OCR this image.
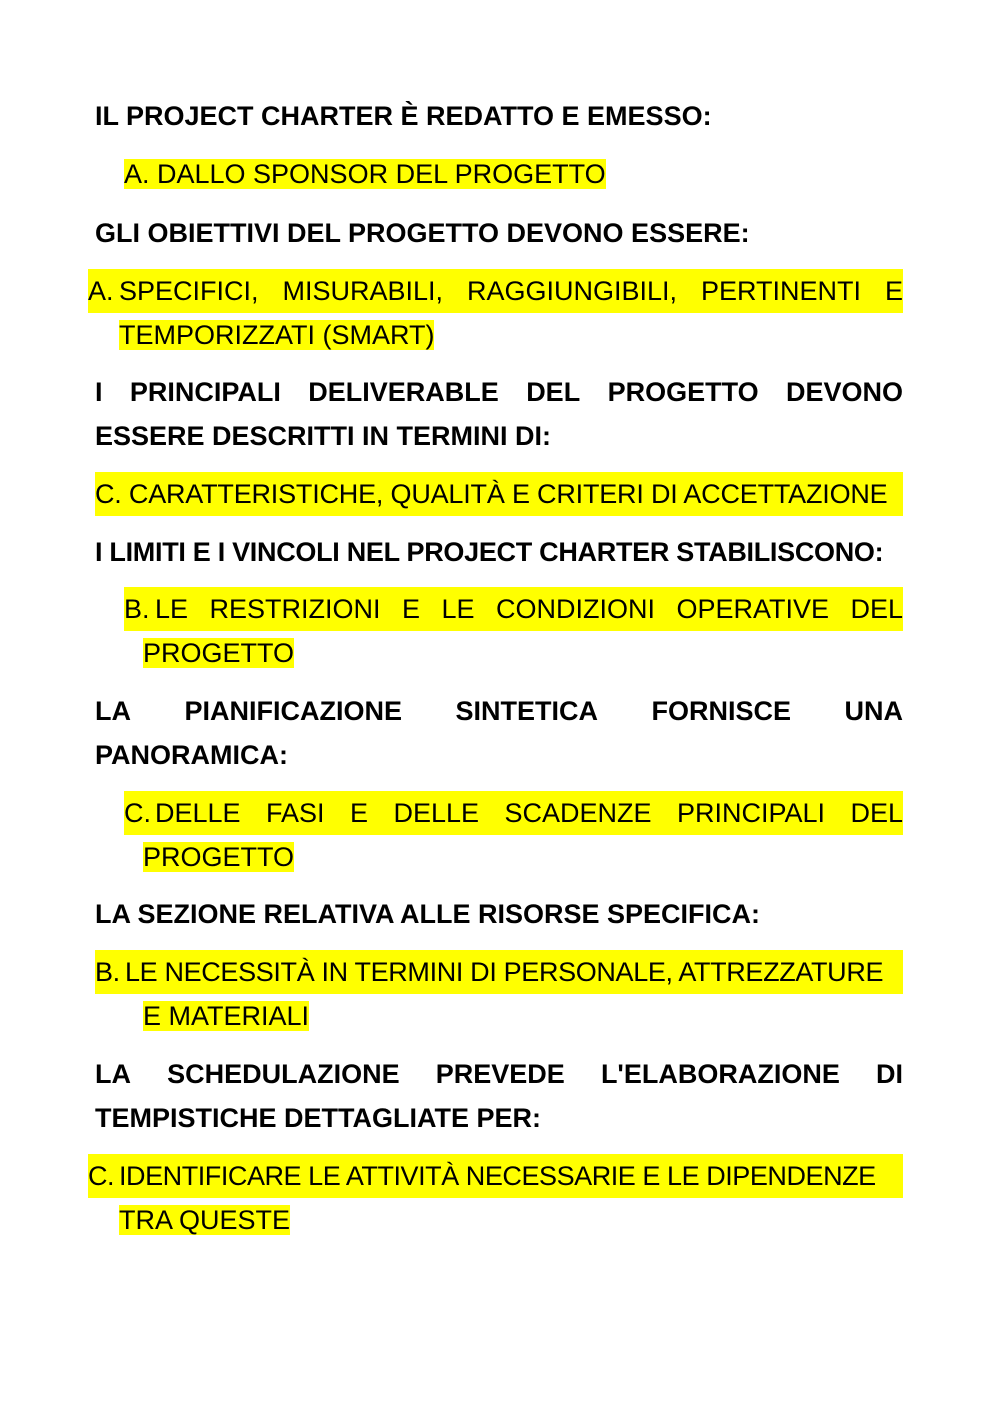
IL PROJECT CHARTER È REDATTO E EMESSO:
A. DALLO SPONSOR DEL PROGETTO
GLI OBIETTIVI DEL PROGETTO DEVONO ESSERE:
A. SPECIFICI, MISURABILI, RAGGIUNGIBILI, PERTINENTI E
TEMPORIZZATI (SMART)
I PRINCIPALI DELIVERABLE DEL PROGETTO DEVONO
ESSERE DESCRITTI IN TERMINI DI:
C. CARATTERISTICHE, QUALITÀ E CRITERI DI ACCETTAZIONE
I LIMITI E I VINCOLI NEL PROJECT CHARTER STABILISCONO:
B. LE RESTRIZIONI E LE CONDIZIONI OPERATIVE DEL
PROGETTO
LA PIANIFICAZIONE SINTETICA FORNISCE UNA
PANORAMICA:
C. DELLE FASI E DELLE SCADENZE PRINCIPALI DEL
PROGETTO
LA SEZIONE RELATIVA ALLE RISORSE SPECIFICA:
B. LE NECESSITÀ IN TERMINI DI PERSONALE, ATTREZZATURE
E MATERIALI
LA SCHEDULAZIONE PREVEDE L'ELABORAZIONE DI
TEMPISTICHE DETTAGLIATE PER:
C. IDENTIFICARE LE ATTIVITÀ NECESSARIE E LE DIPENDENZE
TRA QUESTE
